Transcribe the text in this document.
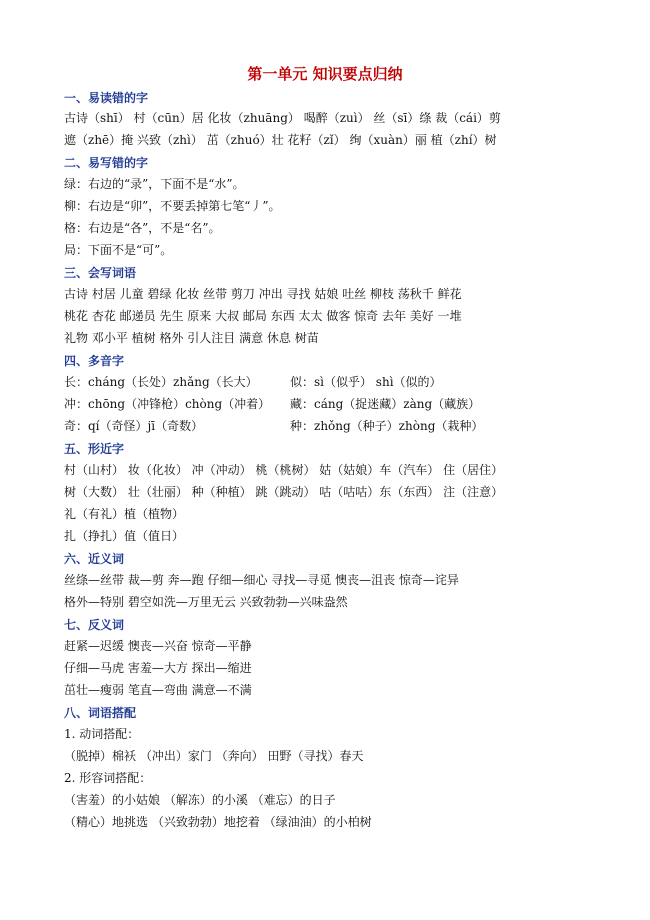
第一单元 知识要点归纳
一、易读错的字
古诗（shī） 村（cūn）居 化妆（zhuāng） 喝醉（zuì） 丝（sī）绦 裁（cái）剪
遮（zhē）掩 兴致（zhì） 茁（zhuó）壮 花籽（zǐ） 绚（xuàn）丽 植（zhí）树
二、易写错的字
绿：右边的“录”，下面不是“水”。
柳：右边是“卯”，不要丢掉第七笔“丿”。
格：右边是“各”，不是“名”。
局：下面不是“可”。
三、会写词语
古诗 村居 儿童 碧绿 化妆 丝带 剪刀 冲出 寻找 姑娘 吐丝 柳枝 荡秋千 鲜花
桃花 杏花 邮递员 先生 原来 大叔 邮局 东西 太太 做客 惊奇 去年 美好 一堆
礼物 邓小平 植树 格外 引人注目 满意 休息 树苗
四、多音字
长：cháng（长处）zhǎng（长大）	似：sì（似乎） shì（似的）
冲：chōng（冲锋枪）chòng（冲着） 藏：cáng（捉迷藏）zàng（藏族）
奇：qí（奇怪）jī（奇数）	种：zhǒng（种子）zhòng（栽种）
五、形近字
村（山村） 妆（化妆） 冲（冲动） 桃（桃树） 姑（姑娘）车（汽车） 住（居住）
树（大数） 壮（壮丽） 种（种植） 跳（跳动） 咕（咕咕）东（东西） 注（注意）
礼（有礼）植（植物）
扎（挣扎）值（值日）
六、近义词
丝绦—丝带 裁—剪 奔—跑 仔细—细心 寻找—寻觅 懊丧—沮丧 惊奇—诧异
格外—特别 碧空如洗—万里无云 兴致勃勃—兴味盎然
七、反义词
赶紧—迟缓 懊丧—兴奋 惊奇—平静
仔细—马虎 害羞—大方 探出—缩进
茁壮—瘦弱 笔直—弯曲 满意—不满
八、词语搭配
1. 动词搭配：
（脱掉）棉袄 （冲出）家门 （奔向） 田野（寻找）春天
2. 形容词搭配：
（害羞）的小姑娘 （解冻）的小溪 （难忘）的日子
（精心）地挑选 （兴致勃勃）地挖着 （绿油油）的小柏树
